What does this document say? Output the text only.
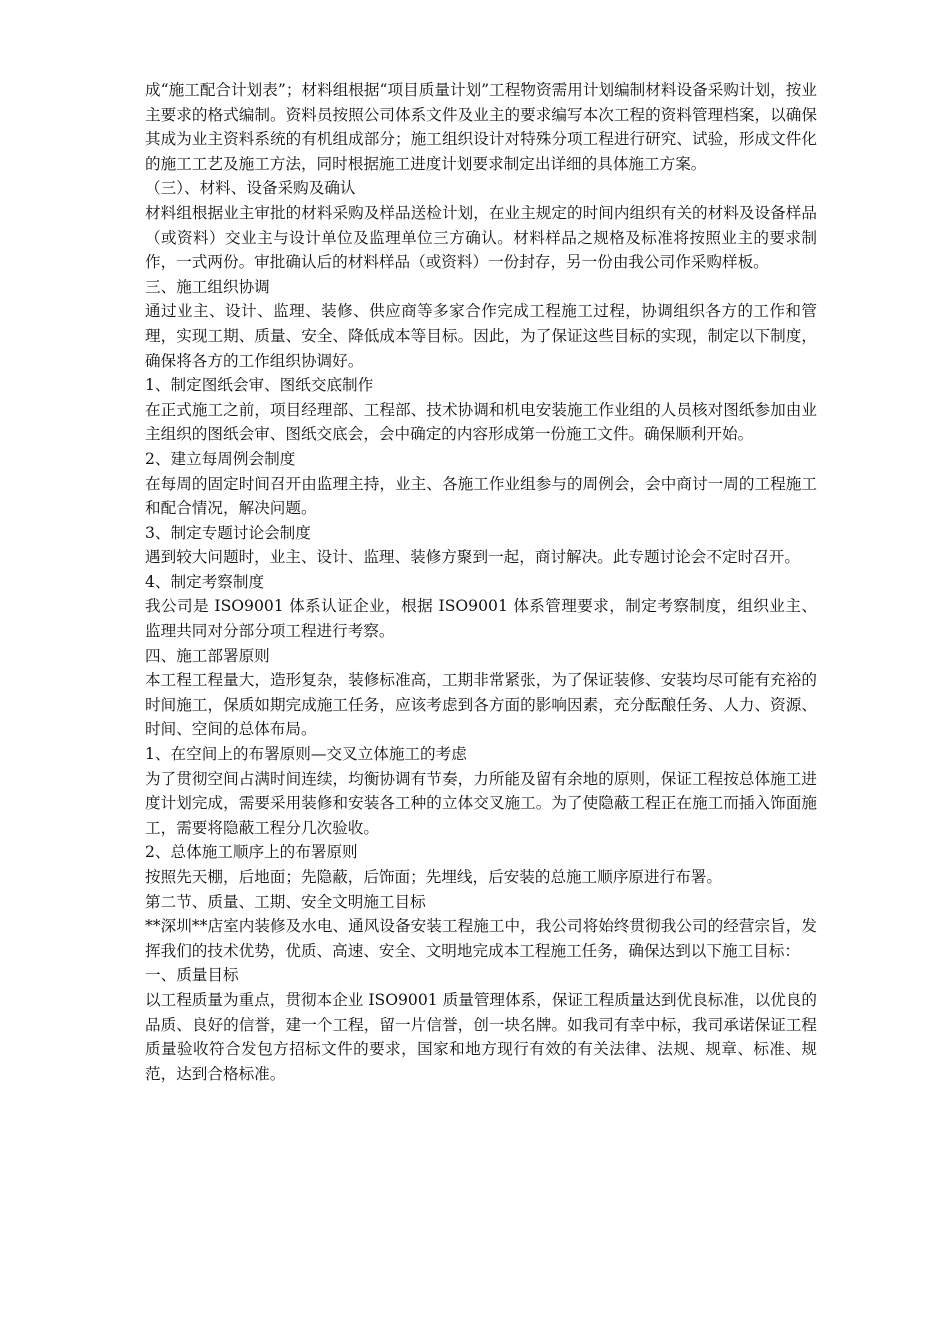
成“施工配合计划表”；材料组根据“项目质量计划”工程物资需用计划编制材料设备采购计划，按业主要求的格式编制。资料员按照公司体系文件及业主的要求编写本次工程的资料管理档案，以确保其成为业主资料系统的有机组成部分；施工组织设计对特殊分项工程进行研究、试验，形成文件化的施工工艺及施工方法，同时根据施工进度计划要求制定出详细的具体施工方案。

（三）、材料、设备采购及确认

材料组根据业主审批的材料采购及样品送检计划，在业主规定的时间内组织有关的材料及设备样品（或资料）交业主与设计单位及监理单位三方确认。材料样品之规格及标准将按照业主的要求制作，一式两份。审批确认后的材料样品（或资料）一份封存，另一份由我公司作采购样板。

三、施工组织协调

通过业主、设计、监理、装修、供应商等多家合作完成工程施工过程，协调组织各方的工作和管理，实现工期、质量、安全、降低成本等目标。因此，为了保证这些目标的实现，制定以下制度，确保将各方的工作组织协调好。

1、制定图纸会审、图纸交底制作

在正式施工之前，项目经理部、工程部、技术协调和机电安装施工作业组的人员核对图纸参加由业主组织的图纸会审、图纸交底会，会中确定的内容形成第一份施工文件。确保顺利开始。

2、建立每周例会制度

在每周的固定时间召开由监理主持，业主、各施工作业组参与的周例会，会中商讨一周的工程施工和配合情况，解决问题。

3、制定专题讨论会制度

遇到较大问题时，业主、设计、监理、装修方聚到一起，商讨解决。此专题讨论会不定时召开。

4、制定考察制度

我公司是 ISO9001 体系认证企业，根据 ISO9001 体系管理要求，制定考察制度，组织业主、监理共同对分部分项工程进行考察。

四、施工部署原则

本工程工程量大，造形复杂，装修标准高，工期非常紧张，为了保证装修、安装均尽可能有充裕的时间施工，保质如期完成施工任务，应该考虑到各方面的影响因素，充分酝酿任务、人力、资源、时间、空间的总体布局。

1、在空间上的布署原则—交叉立体施工的考虑

为了贯彻空间占满时间连续，均衡协调有节奏，力所能及留有余地的原则，保证工程按总体施工进度计划完成，需要采用装修和安装各工种的立体交叉施工。为了使隐蔽工程正在施工而插入饰面施工，需要将隐蔽工程分几次验收。

2、总体施工顺序上的布署原则

按照先天棚，后地面；先隐蔽，后饰面；先埋线，后安装的总施工顺序原进行布署。

第二节、质量、工期、安全文明施工目标

**深圳**店室内装修及水电、通风设备安装工程施工中，我公司将始终贯彻我公司的经营宗旨，发挥我们的技术优势，优质、高速、安全、文明地完成本工程施工任务，确保达到以下施工目标：

一、质量目标

以工程质量为重点，贯彻本企业 ISO9001 质量管理体系，保证工程质量达到优良标准，以优良的品质、良好的信誉，建一个工程，留一片信誉，创一块名牌。如我司有幸中标，我司承诺保证工程质量验收符合发包方招标文件的要求，国家和地方现行有效的有关法律、法规、规章、标准、规范，达到合格标准。
